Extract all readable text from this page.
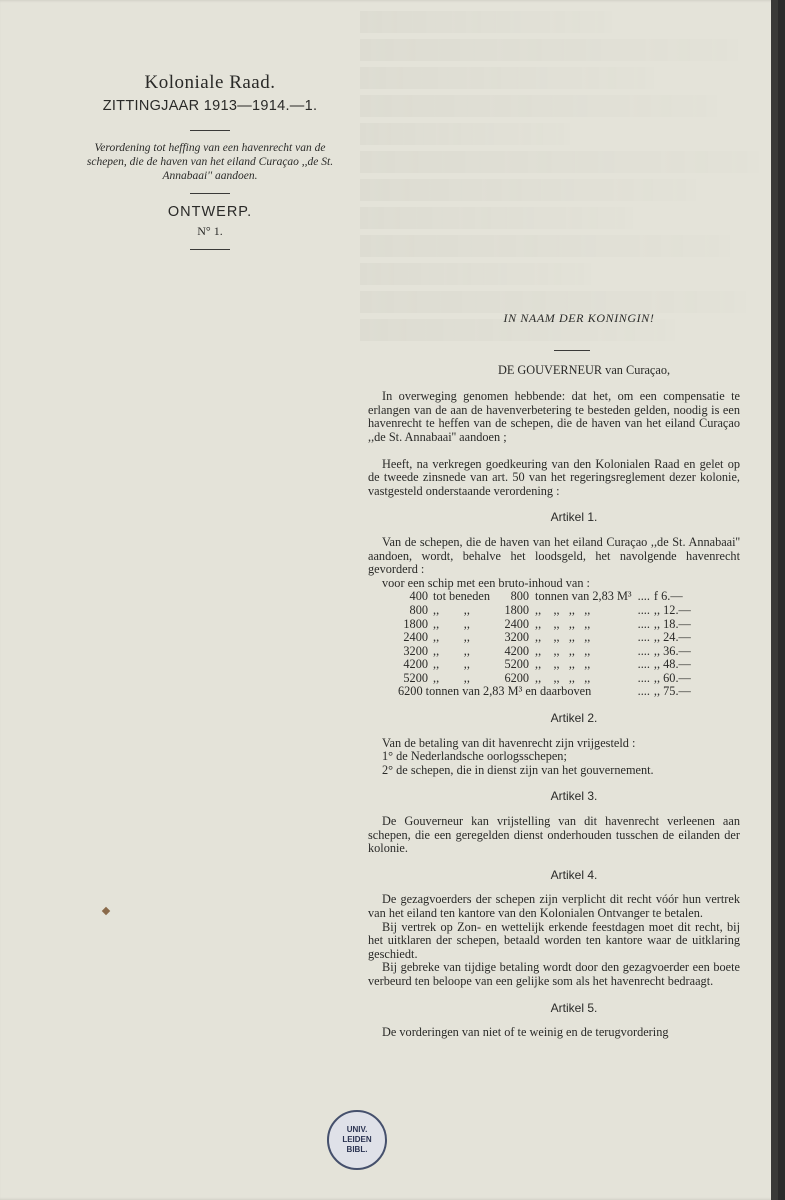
Koloniale Raad.
ZITTINGJAAR 1913—1914.—1.
Verordening tot heffing van een havenrecht van de schepen, die de haven van het eiland Curaçao ,,de St. Annabaai'' aandoen.
ONTWERP.
N° 1.
IN NAAM DER KONINGIN!
DE GOUVERNEUR van Curaçao,

In overweging genomen hebbende: dat het, om een compensatie te erlangen van de aan de havenverbetering te besteden gelden, noodig is een havenrecht te heffen van de schepen, die de haven van het eiland Curaçao ,,de St. Annabaai'' aandoen ;

Heeft, na verkregen goedkeuring van den Kolonialen Raad en gelet op de tweede zinsnede van art. 50 van het regeringsreglement dezer kolonie, vastgesteld onderstaande verordening :

Artikel 1.

Van de schepen, die de haven van het eiland Curaçao ,,de St. Annabaai'' aandoen, wordt, behalve het loodsgeld, het navolgende havenrecht gevorderd :

voor een schip met een bruto-inhoud van :
400	tot beneden	800	tonnen van 2,83 M³	....	f 6.—
800	,,        ,,	1800	,,    ,,   ,,   ,,	....	,, 12.—
1800	,,        ,,	2400	,,    ,,   ,,   ,,	....	,, 18.—
2400	,,        ,,	3200	,,    ,,   ,,   ,,	....	,, 24.—
3200	,,        ,,	4200	,,    ,,   ,,   ,,	....	,, 36.—
4200	,,        ,,	5200	,,    ,,   ,,   ,,	....	,, 48.—
5200	,,        ,,	6200	,,    ,,   ,,   ,,	....	,, 60.—
6200 tonnen van 2,83 M³ en daarboven				....	,, 75.—
Artikel 2.

Van de betaling van dit havenrecht zijn vrijgesteld :

1° de Nederlandsche oorlogsschepen;

2° de schepen, die in dienst zijn van het gouvernement.

Artikel 3.

De Gouverneur kan vrijstelling van dit havenrecht verleenen aan schepen, die een geregelden dienst onderhouden tusschen de eilanden der kolonie.

Artikel 4.

De gezagvoerders der schepen zijn verplicht dit recht vóór hun vertrek van het eiland ten kantore van den Kolonialen Ontvanger te betalen.

Bij vertrek op Zon- en wettelijk erkende feestdagen moet dit recht, bij het uitklaren der schepen, betaald worden ten kantore waar de uitklaring geschiedt.

Bij gebreke van tijdige betaling wordt door den gezagvoerder een boete verbeurd ten beloope van een gelijke som als het havenrecht bedraagt.

Artikel 5.

De vorderingen van niet of te weinig en de terugvordering

UNIV.
LEIDEN
BIBL.
